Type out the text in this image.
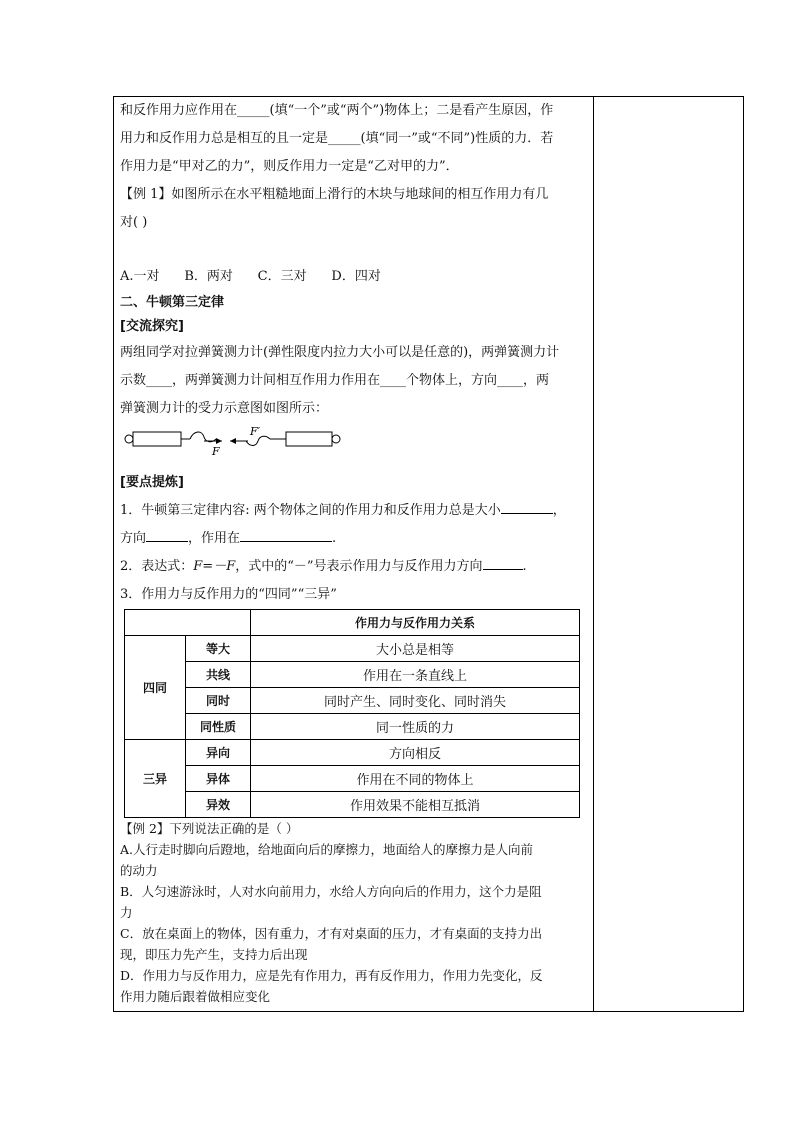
和反作用力应作用在_____(填“一个”或“两个”)物体上；二是看产生原因，作
用力和反作用力总是相互的且一定是_____(填“同一”或“不同”)性质的力．若
作用力是“甲对乙的力”，则反作用力一定是“乙对甲的力”．
【例 1】如图所示在水平粗糙地面上滑行的木块与地球间的相互作用力有几
对( )
A.一对      B．两对      C．三对      D．四对
二、牛顿第三定律
[交流探究]
两组同学对拉弹簧测力计(弹性限度内拉力大小可以是任意的)，两弹簧测力计
示数____，两弹簧测力计间相互作用力作用在____个物体上，方向____，两
弹簧测力计的受力示意图如图所示：
F
F′
[要点提炼]
1．牛顿第三定律内容: 两个物体之间的作用力和反作用力总是大小	，
方向	，作用在	.
2．表达式：F=－F，式中的“－”号表示作用力与反作用力方向	.
3．作用力与反作用力的“四同”“三异”
		作用力与反作用力关系
四同	等大	大小总是相等
	共线	作用在一条直线上
	同时	同时产生、同时变化、同时消失
	同性质	同一性质的力
三异	异向	方向相反
	异体	作用在不同的物体上
	异效	作用效果不能相互抵消
【例 2】下列说法正确的是（ ）
A.人行走时脚向后蹬地，给地面向后的摩擦力，地面给人的摩擦力是人向前
的动力
B．人匀速游泳时，人对水向前用力，水给人方向向后的作用力，这个力是阻
力
C．放在桌面上的物体，因有重力，才有对桌面的压力，才有桌面的支持力出
现，即压力先产生，支持力后出现
D．作用力与反作用力，应是先有作用力，再有反作用力，作用力先变化，反
作用力随后跟着做相应变化
